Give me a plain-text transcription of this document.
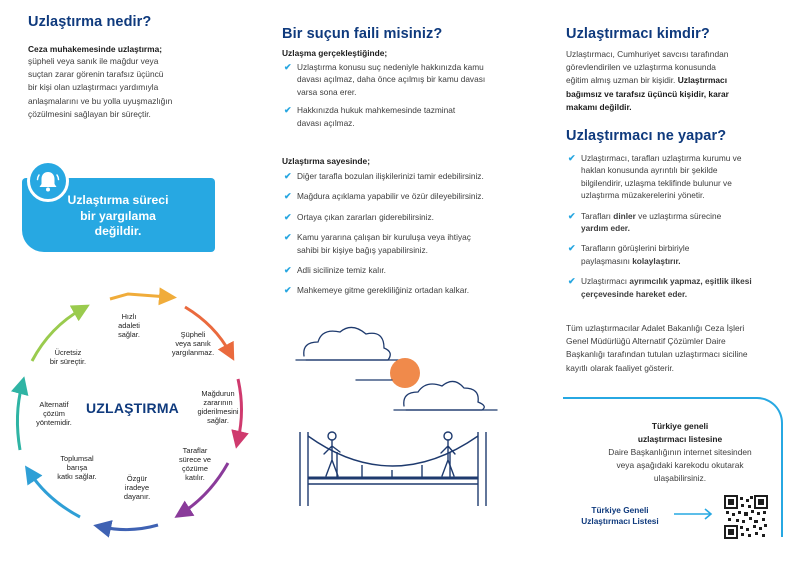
Uzlaştırma nedir?
Ceza muhakemesinde uzlaştırma;
şüpheli veya sanık ile mağdur veya
suçtan zarar görenin tarafsız üçüncü
bir kişi olan uzlaştırmacı yardımıyla
anlaşmalarını ve bu yolla uyuşmazlığın
çözülmesini sağlayan bir süreçtir.
Uzlaştırma süreci
bir yargılama
değildir.
Hızlı
adaleti
sağlar.	Şüpheli
veya sanık
yargılanmaz.
Mağdurun
zararının
giderilmesini
sağlar.
Taraflar
sürece ve
çözüme
katılır.
Özgür
iradeye
dayanır.
Toplumsal
barışa
katkı sağlar.
Alternatif
çözüm
yöntemidir.
Ücretsiz
bir süreçtir.
UZLAŞTIRMA
Bir suçun faili misiniz?
Uzlaşma gerçekleştiğinde;
✔ Uzlaştırma konusu suç nedeniyle hakkınızda kamu
davası açılmaz, daha önce açılmış bir kamu davası
varsa sona erer.
✔ Hakkınızda hukuk mahkemesinde tazminat
davası açılmaz.
Uzlaştırma sayesinde;
✔ Diğer tarafla bozulan ilişkilerinizi tamir edebilirsiniz.
✔ Mağdura açıklama yapabilir ve özür dileyebilirsiniz.
✔ Ortaya çıkan zararları giderebilirsiniz.
✔ Kamu yararına çalışan bir kuruluşa veya ihtiyaç
sahibi bir kişiye bağış yapabilirsiniz.
✔ Adli sicilinize temiz kalır.
✔ Mahkemeye gitme gerekliliğiniz ortadan kalkar.
Uzlaştırmacı kimdir?
Uzlaştırmacı, Cumhuriyet savcısı tarafından
görevlendirilen ve uzlaştırma konusunda
eğitim almış uzman bir kişidir. Uzlaştırmacı
bağımsız ve tarafsız üçüncü kişidir, karar
makamı değildir.
Uzlaştırmacı ne yapar?
✔ Uzlaştırmacı, tarafları uzlaştırma kurumu ve
haklan konusunda ayrıntılı bir şekilde
bilgilendirir, uzlaşma teklifinde bulunur ve
uzlaştırma müzakerelerini yönetir.
✔ Tarafları dinler ve uzlaştırma sürecine
yardım eder.
✔ Tarafların görüşlerini birbiriyle
paylaşmasını kolaylaştırır.
✔ Uzlaştırmacı ayrımcılık yapmaz, eşitlik ilkesi
çerçevesinde hareket eder.
Tüm uzlaştırmacılar Adalet Bakanlığı Ceza İşleri
Genel Müdürlüğü Alternatif Çözümler Daire
Başkanlığı tarafından tutulan uzlaştırmacı siciline
kayıtlı olarak faaliyet gösterir.
Türkiye geneli
uzlaştırmacı listesine
Daire Başkanlığının internet sitesinden
veya aşağıdaki karekodu okutarak
ulaşabilirsiniz.
Türkiye Geneli
Uzlaştırmacı Listesi
